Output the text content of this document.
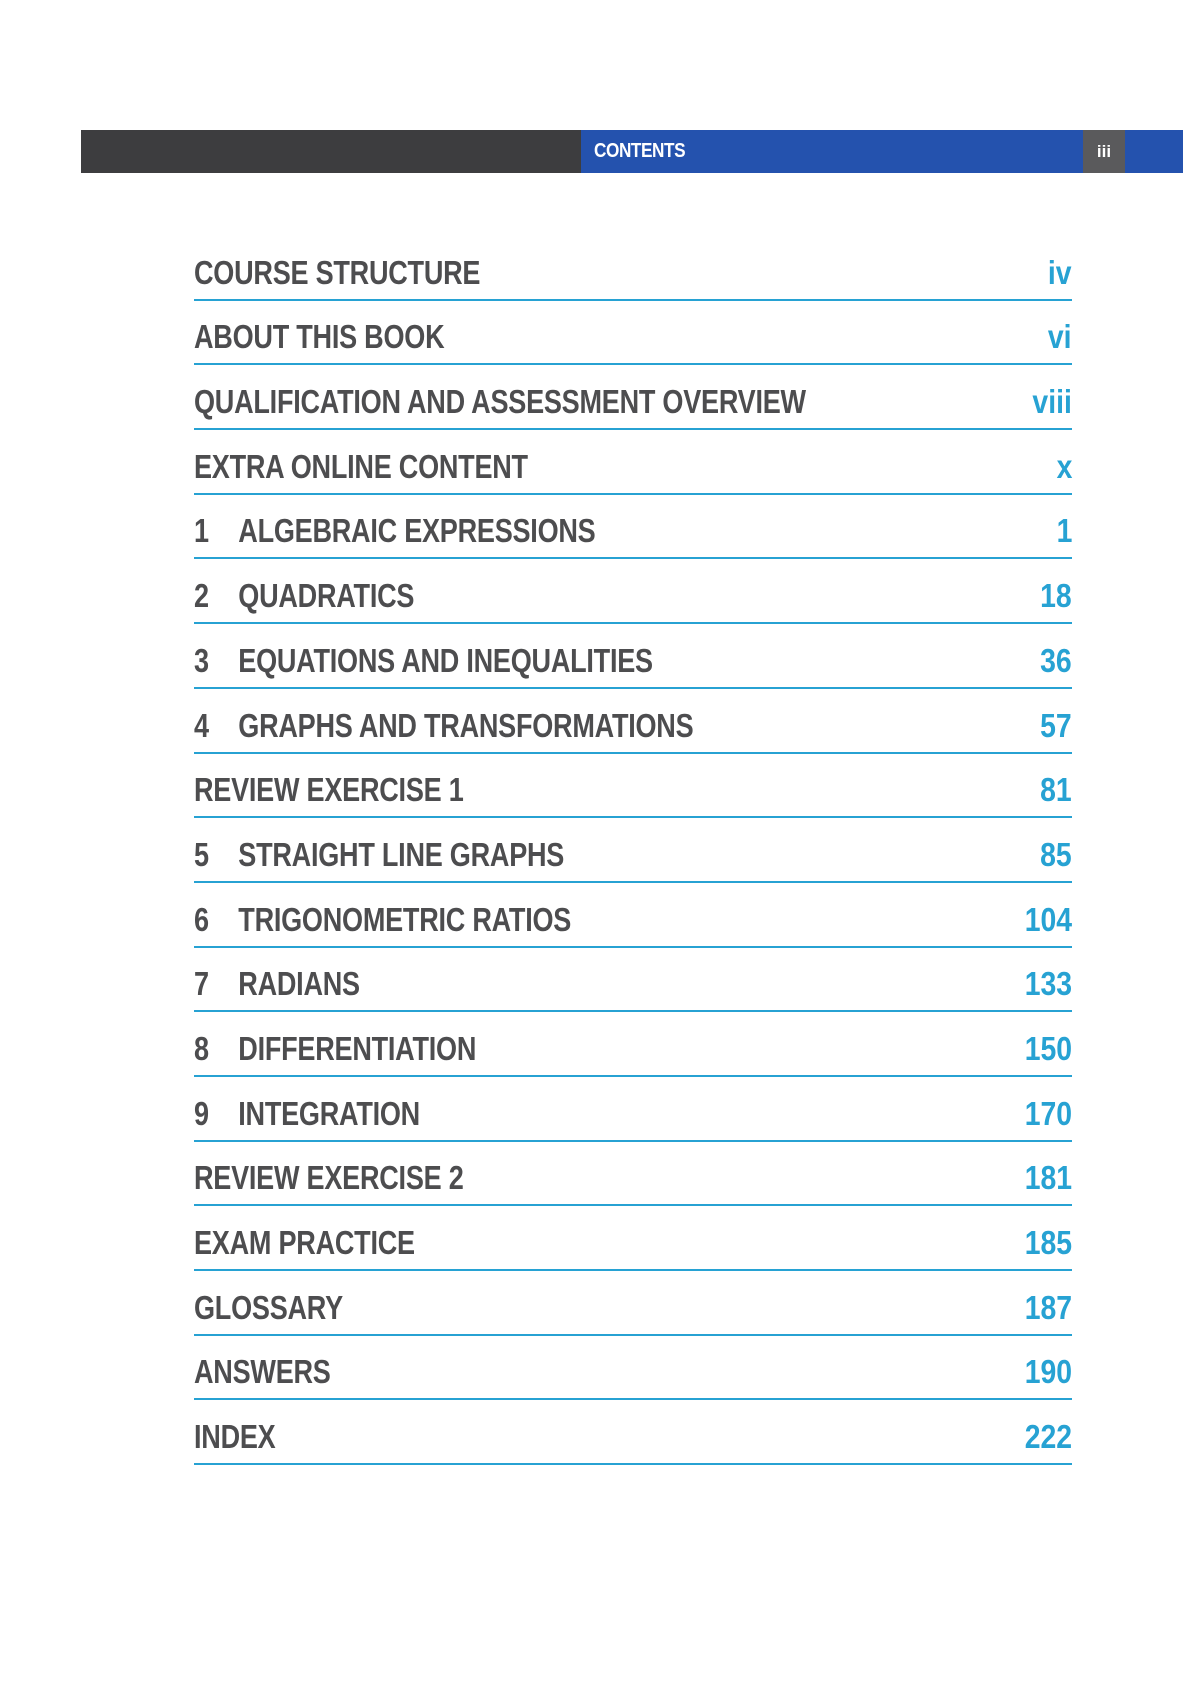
CONTENTS	iii
COURSE STRUCTURE	iv
ABOUT THIS BOOK	vi
QUALIFICATION AND ASSESSMENT OVERVIEW	viii
EXTRA ONLINE CONTENT	x
1 ALGEBRAIC EXPRESSIONS	1
2 QUADRATICS	18
3 EQUATIONS AND INEQUALITIES	36
4 GRAPHS AND TRANSFORMATIONS	57
REVIEW EXERCISE 1	81
5 STRAIGHT LINE GRAPHS	85
6 TRIGONOMETRIC RATIOS	104
7 RADIANS	133
8 DIFFERENTIATION	150
9 INTEGRATION	170
REVIEW EXERCISE 2	181
EXAM PRACTICE	185
GLOSSARY	187
ANSWERS	190
INDEX	222
